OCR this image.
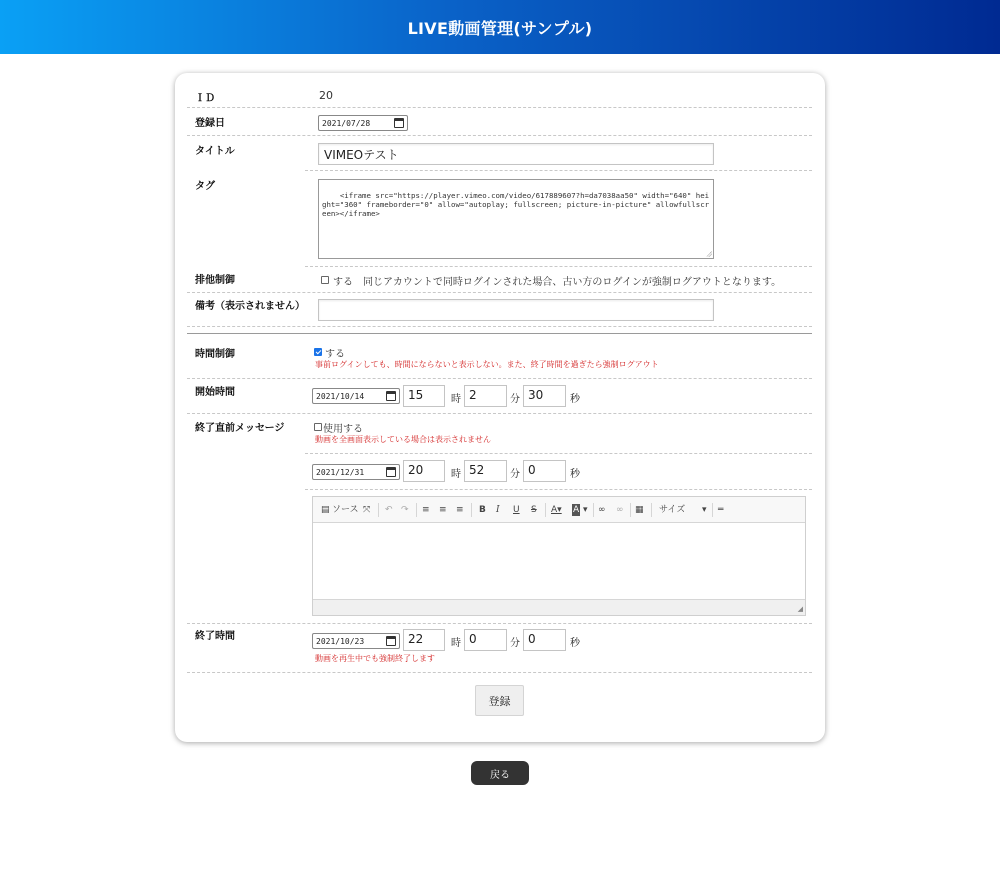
LIVE動画管理(サンプル)
ＩＤ	20
登録日	2021/07/28
タイトル	VIMEOテスト
タグ

<iframe src="https://player.vimeo.com/video/617889607?h=da7038aa50" width="640" height="360" frameborder="0" allow="autoplay; fullscreen; picture-in-picture" allowfullscreen></iframe>

排他制御	する 同じアカウントで同時ログインされた場合、古い方のログインが強制ログアウトとなります。
備考（表示されません）
時間制御	する
事前ログインしても、時間にならないと表示しない。また、終了時間を過ぎたら強制ログアウト
開始時間	2021/10/14	15	時 2	分 30	秒
終了直前メッセージ	使用する
動画を全画面表示している場合は表示されません
2021/12/31	20	時 52	分 0	秒
▤ ソース ⤧ ↶ ↷ ≡ ≡ ≡ B I U S A▾ A ▾ ∞ ∞ ▦ サイズ ▾ ═
◢
終了時間	2021/10/23	22	時 0	分 0	秒
動画を再生中でも強制終了します
登録
戻る
